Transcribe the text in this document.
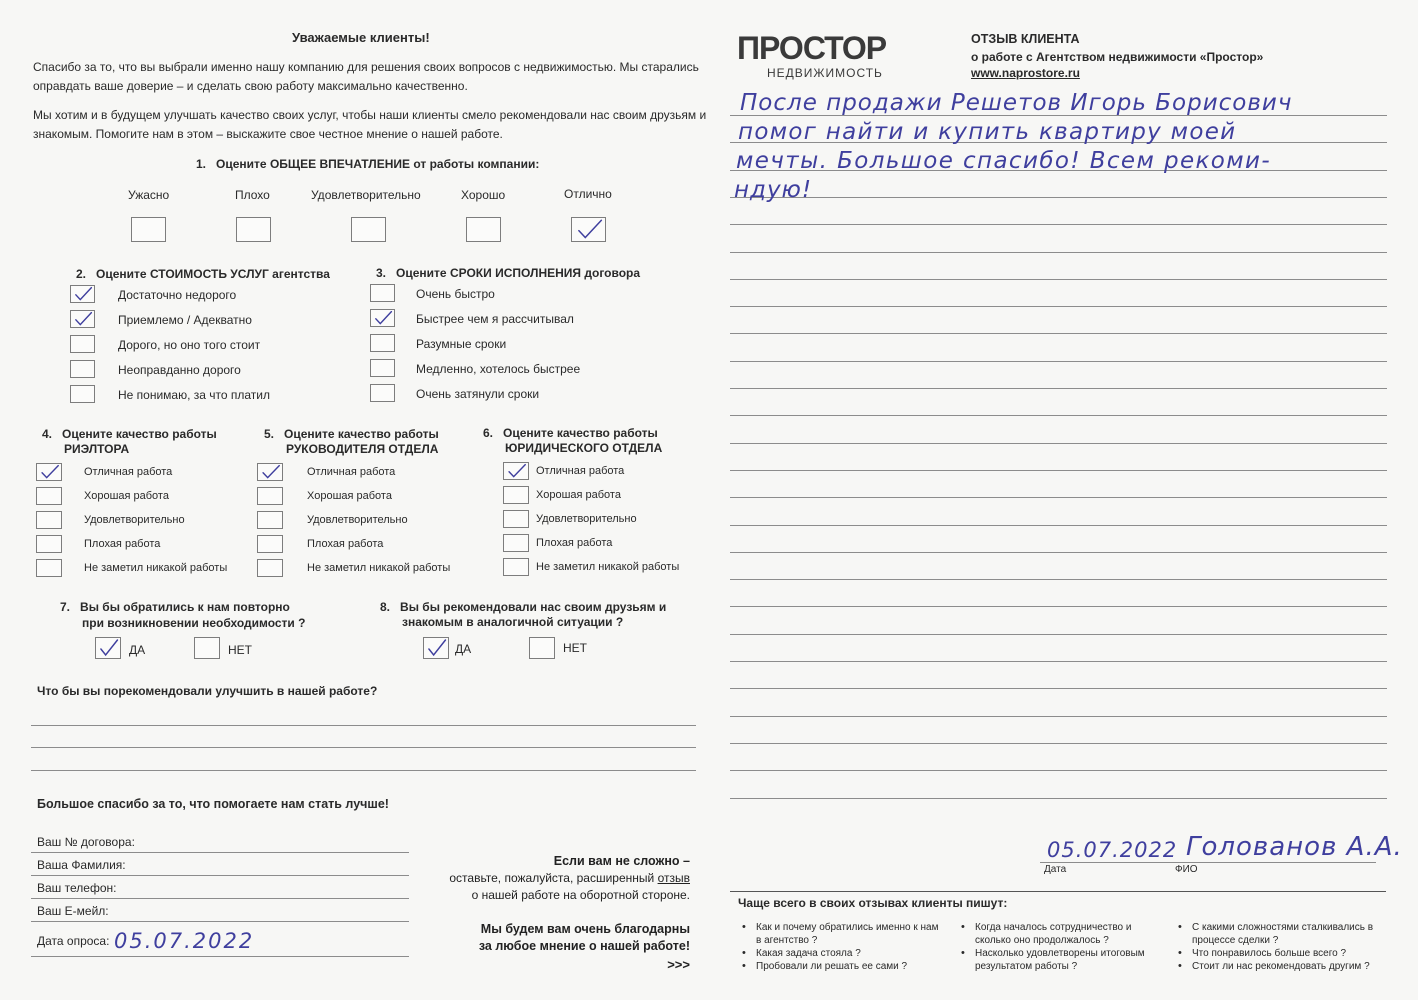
Уважаемые клиенты!
Спасибо за то, что вы выбрали именно нашу компанию для решения своих вопросов с недвижимостью. Мы старались
оправдать ваше доверие – и сделать свою работу максимально качественно.
Мы хотим и в будущем улучшать качество своих услуг, чтобы наши клиенты смело рекомендовали нас своим друзьям и
знакомым. Помогите нам в этом – выскажите свое честное мнение о нашей работе.
1. Оцените ОБЩЕЕ ВПЕЧАТЛЕНИЕ от работы компании:
Ужасно	Плохо	Удовлетворительно	Хорошо	Отлично
2. Оцените СТОИМОСТЬ УСЛУГ агентства
Достаточно недорого
Приемлемо / Адекватно
Дорого, но оно того стоит
Неоправданно дорого
Не понимаю, за что платил
3. Оцените СРОКИ ИСПОЛНЕНИЯ договора
Очень быстро
Быстрее чем я рассчитывал
Разумные сроки
Медленно, хотелось быстрее
Очень затянули сроки
4. Оцените качество работы
РИЭЛТОРА
5. Оцените качество работы
РУКОВОДИТЕЛЯ ОТДЕЛА
6. Оцените качество работы
ЮРИДИЧЕСКОГО ОТДЕЛА
Отличная работа
Хорошая работа
Удовлетворительно
Плохая работа
Не заметил никакой работы
Отличная работа
Хорошая работа
Удовлетворительно
Плохая работа
Не заметил никакой работы
Отличная работа
Хорошая работа
Удовлетворительно
Плохая работа
Не заметил никакой работы
7. Вы бы обратились к нам повторно
при возникновении необходимости ?
ДА	НЕТ
8. Вы бы рекомендовали нас своим друзьям и
знакомым в аналогичной ситуации ?
ДА	НЕТ
Что бы вы порекомендовали улучшить в нашей работе?
Большое спасибо за то, что помогаете нам стать лучше!
Ваш № договора:
Ваша Фамилия:
Ваш телефон:
Ваш E-мейл:
Дата опроса: 05.07.2022
Если вам не сложно –
оставьте, пожалуйста, расширенный отзыв
о нашей работе на оборотной стороне.
Мы будем вам очень благодарны
за любое мнение о нашей работе!
>>>
ПРОСТОР
НЕДВИЖИМОСТЬ
ОТЗЫВ КЛИЕНТА
о работе с Агентством недвижимости «Простор»
www.naprostore.ru
После продажи Решетов Игорь Борисович
помог найти и купить квартиру моей
мечты. Большое спасибо! Всем рекоми-
ндую!
05.07.2022 Голованов А.А.
Дата	ФИО
Чаще всего в своих отзывах клиенты пишут:
• Как и почему обратились именно к нам в агентство ?
• Какая задача стояла ?
• Пробовали ли решать ее сами ?
• Когда началось сотрудничество и сколько оно продолжалось ?
• Насколько удовлетворены итоговым результатом работы ?
• С какими сложностями сталкивались в процессе сделки ?
• Что понравилось больше всего ?
• Стоит ли нас рекомендовать другим ?
